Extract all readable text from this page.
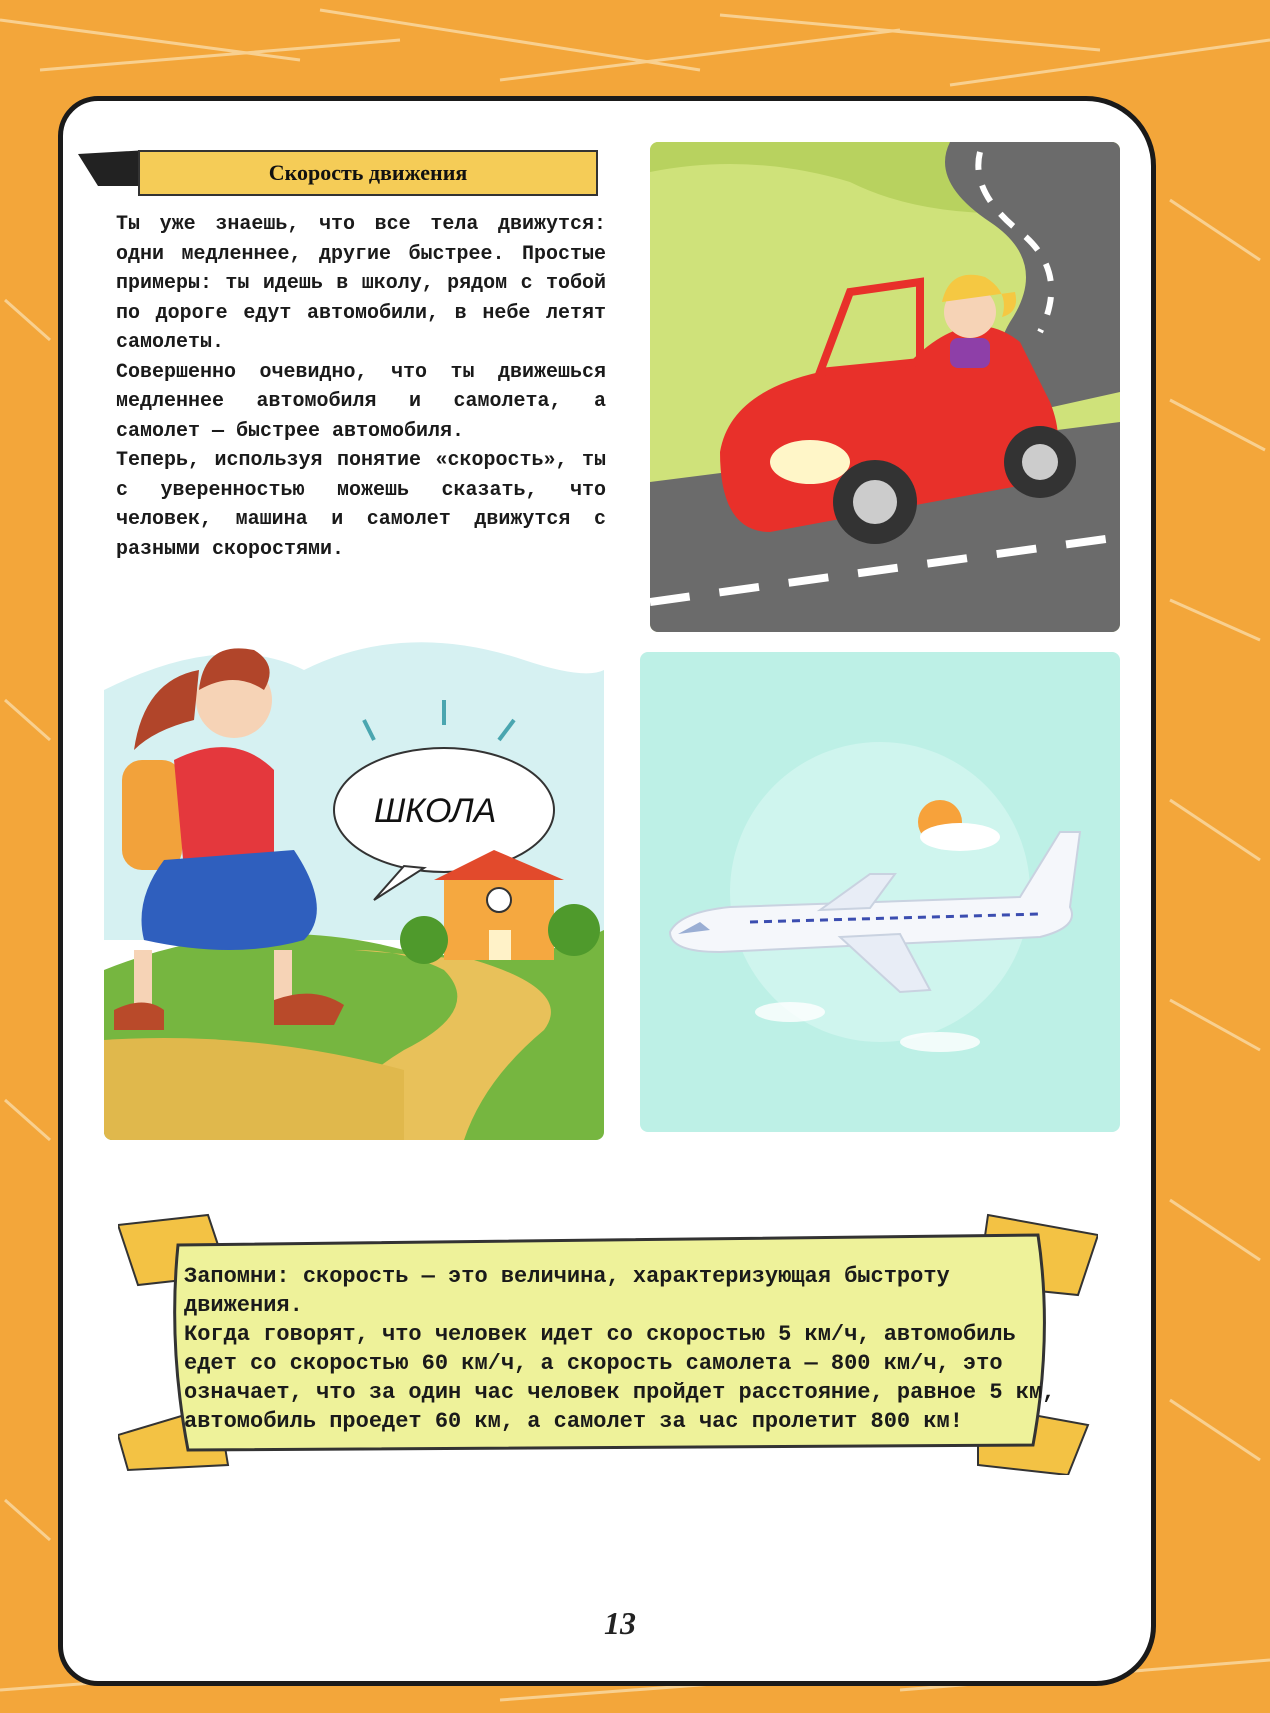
Скорость движения

Ты уже знаешь, что все тела движутся: одни медленнее, другие быстрее. Простые примеры: ты идешь в школу, рядом с тобой по дороге едут автомобили, в небе летят самолеты.

Совершенно очевидно, что ты движешься медленнее автомобиля и самолета, а самолет — быстрее автомобиля.

Теперь, используя понятие «скорость», ты с уверенностью можешь сказать, что человек, машина и самолет движутся с разными скоростями.

ШКОЛА

Запомни: скорость — это величина, характеризующая быстроту движения.

Когда говорят, что человек идет со скоростью 5 км/ч, автомобиль едет со скоростью 60 км/ч, а скорость самолета — 800 км/ч, это означает, что за один час человек пройдет расстояние, равное 5 км, автомобиль проедет 60 км, а самолет за час пролетит 800 км!

13
